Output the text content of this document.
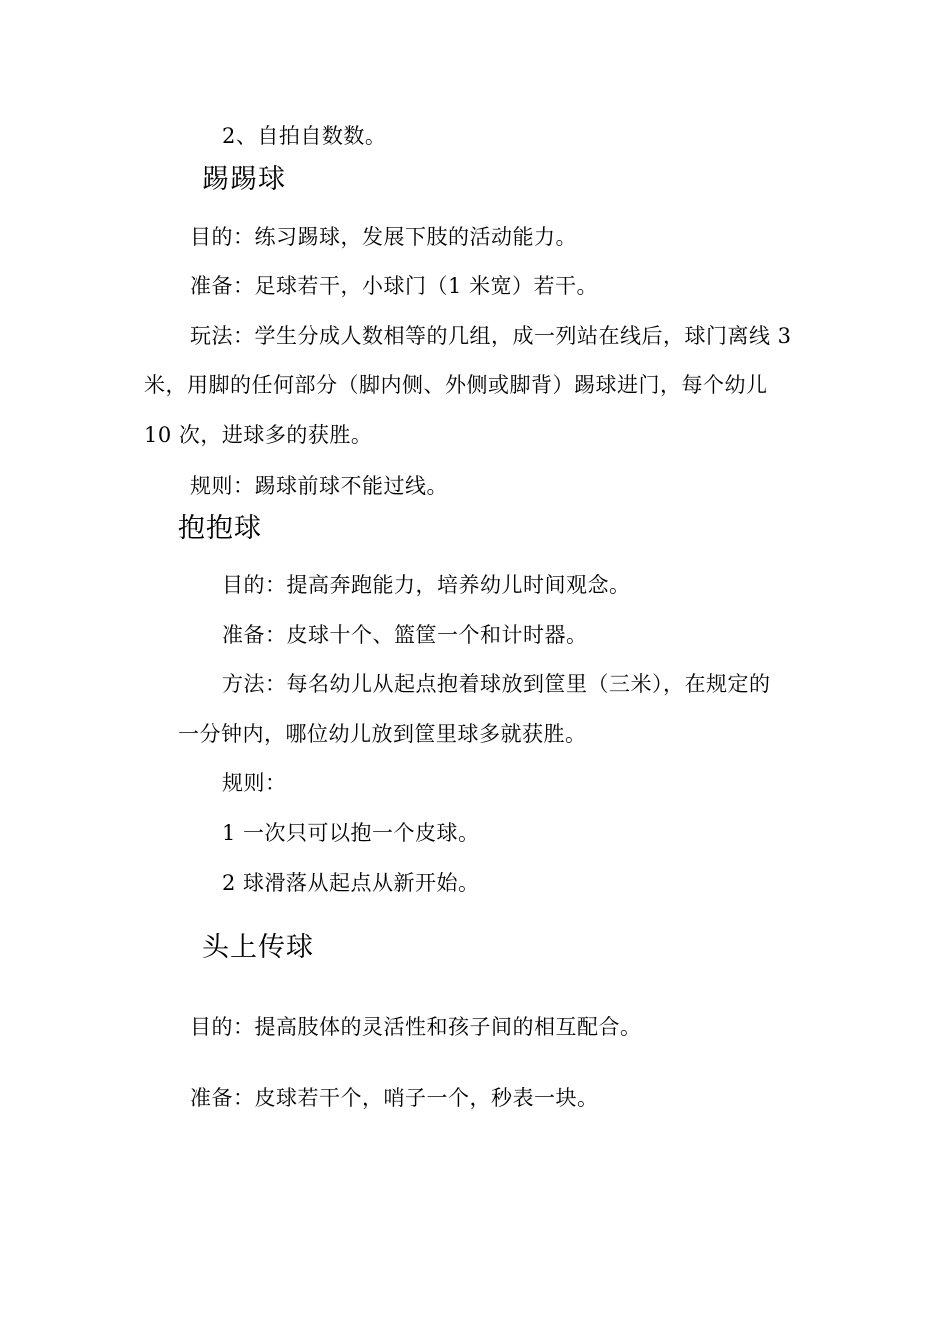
2、自拍自数数。
踢踢球
目的：练习踢球，发展下肢的活动能力。
准备：足球若干，小球门（1 米宽）若干。
玩法：学生分成人数相等的几组，成一列站在线后，球门离线 3
米，用脚的任何部分（脚内侧、外侧或脚背）踢球进门，每个幼儿
10 次，进球多的获胜。
规则：踢球前球不能过线。
抱抱球
目的：提高奔跑能力，培养幼儿时间观念。
准备：皮球十个、篮筐一个和计时器。
方法：每名幼儿从起点抱着球放到筐里（三米），在规定的
一分钟内，哪位幼儿放到筐里球多就获胜。
规则：
1 一次只可以抱一个皮球。
2 球滑落从起点从新开始。
头上传球
目的：提高肢体的灵活性和孩子间的相互配合。
准备：皮球若干个，哨子一个，秒表一块。
